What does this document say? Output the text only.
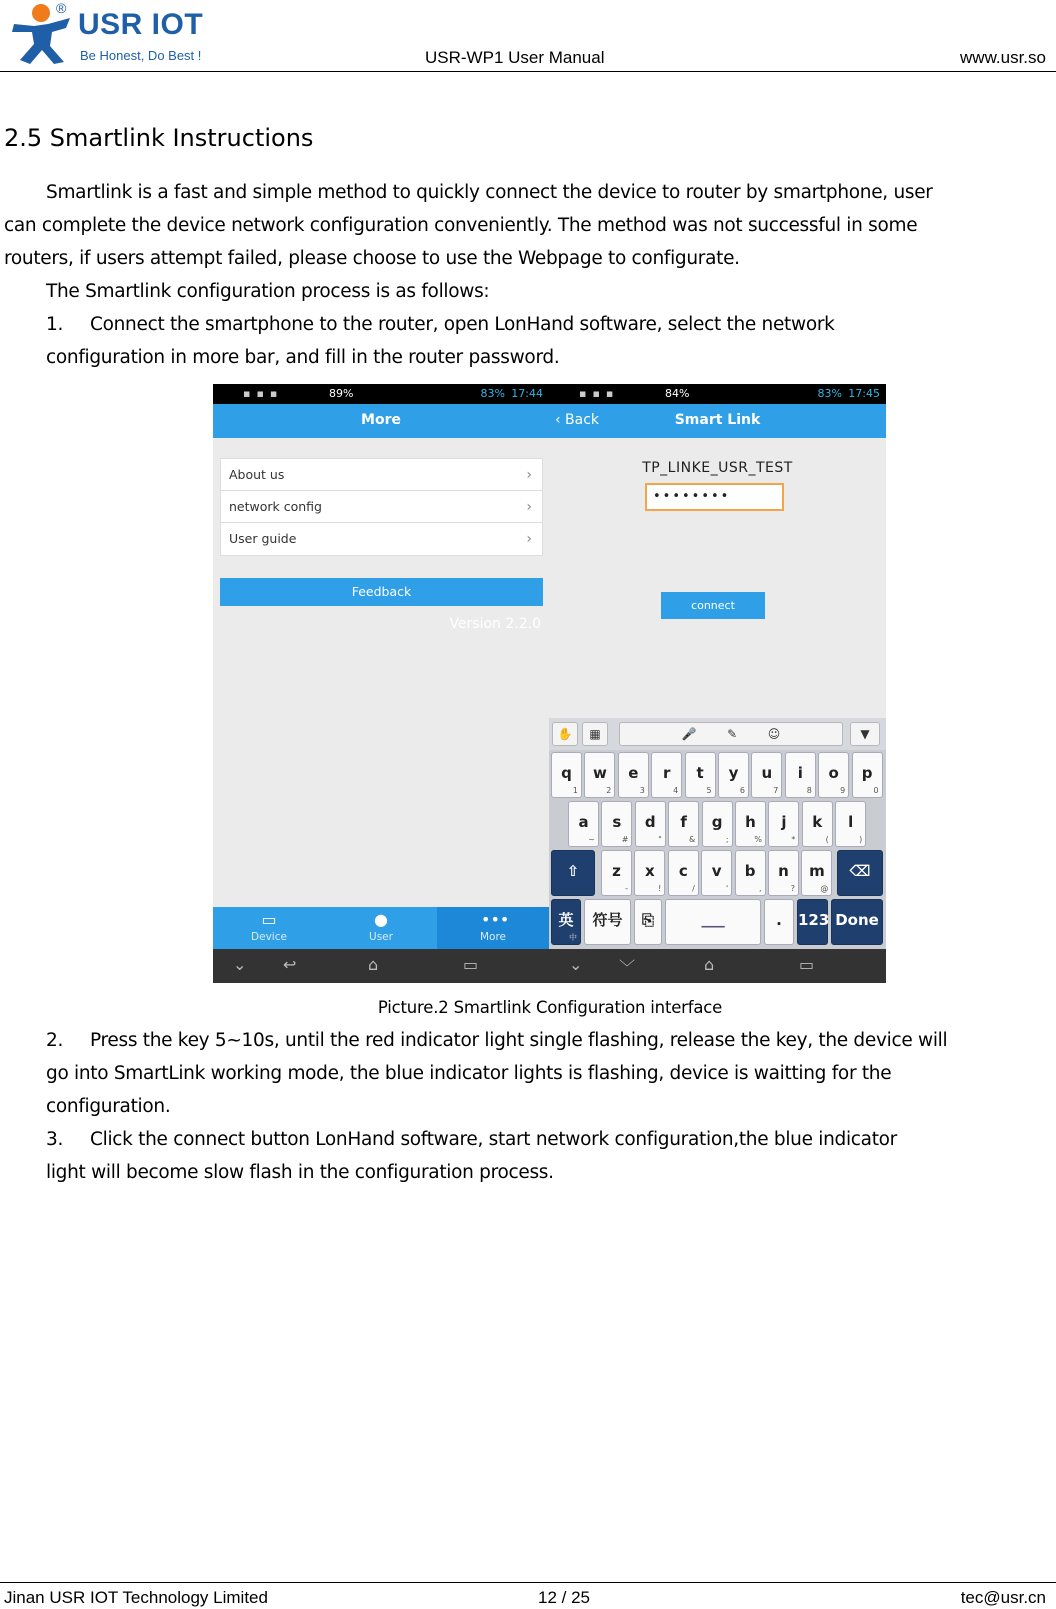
® USR IOT
Be Honest, Do Best !	USR-WP1 User Manual	www.usr.so
2.5 Smartlink Instructions
Smartlink is a fast and simple method to quickly connect the device to router by smartphone, user
can complete the device network configuration conveniently. The method was not successful in some
routers, if users attempt failed, please choose to use the Webpage to configurate.
The Smartlink configuration process is as follows:
1. Connect the smartphone to the router, open LonHand software, select the network
configuration in more bar, and fill in the router password.
▪▪▪	89%	83% 17:44
More
About us	›
network config	›
User guide	›
Feedback
Version 2.2.0
▭
Device
●
User
•••
More
⌄ ↩	⌂	▭
▪▪▪	84%	83% 17:45
‹ Back	Smart Link
TP_LINKE_USR_TEST
••••••••
connect
✋	▦	🎤        ✎        ☺	▼
q
1
w
2
e
3
r
4
t
5
y
6
u
7
i
8
o
9
p
0
a
~
s
#
d
"
f
&
g
;
h
%
j
*
k
(
l
)
⇧	z
-
x
!
c
/
v
'
b
,
n
?
m
@
⌫
英
中
符号	⎘	▁▁▁	.	123 Done
⌄ ﹀	⌂	▭
Picture.2 Smartlink Configuration interface
2. Press the key 5~10s, until the red indicator light single flashing, release the key, the device will
go into SmartLink working mode, the blue indicator lights is flashing, device is waitting for the
configuration.
3. Click the connect button LonHand software, start network configuration,the blue indicator
light will become slow flash in the configuration process.
Jinan USR IOT Technology Limited	12 / 25	tec@usr.cn
